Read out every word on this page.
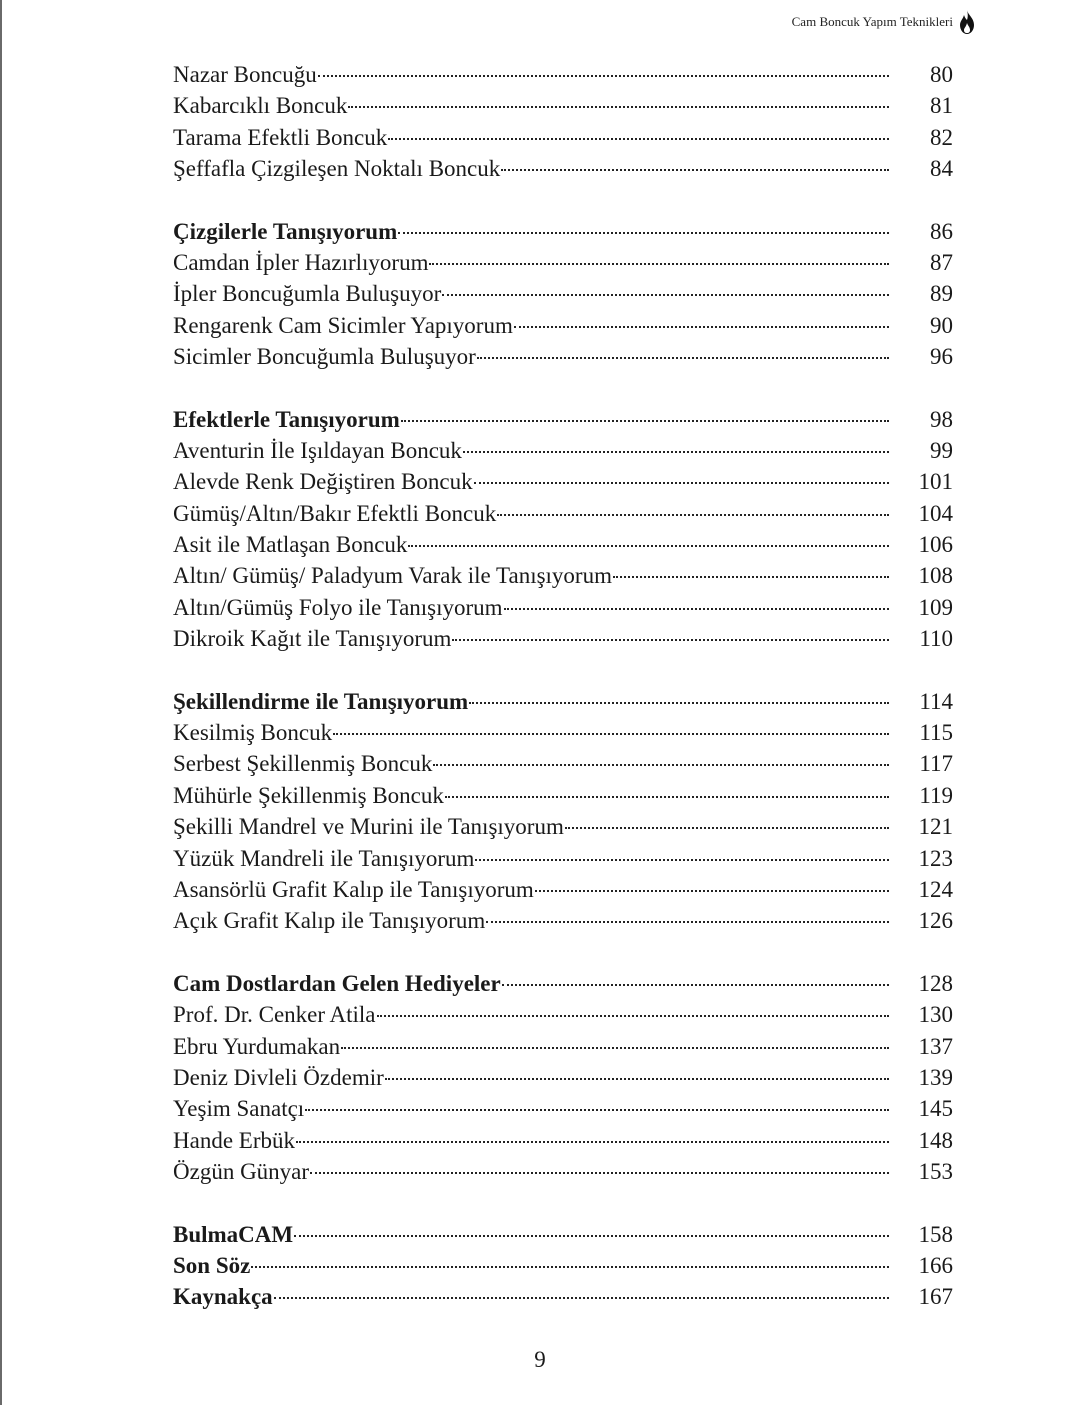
Cam Boncuk Yapım Teknikleri
Nazar Boncuğu	80
Kabarcıklı Boncuk	81
Tarama Efektli Boncuk	82
Şeffafla Çizgileşen Noktalı Boncuk	84
Çizgilerle Tanışıyorum	86
Camdan İpler Hazırlıyorum	87
İpler Boncuğumla Buluşuyor	89
Rengarenk Cam Sicimler Yapıyorum	90
Sicimler Boncuğumla Buluşuyor	96
Efektlerle Tanışıyorum	98
Aventurin İle Işıldayan Boncuk	99
Alevde Renk Değiştiren Boncuk	101
Gümüş/Altın/Bakır Efektli Boncuk	104
Asit ile Matlaşan Boncuk	106
Altın/ Gümüş/ Paladyum Varak ile Tanışıyorum	108
Altın/Gümüş Folyo ile Tanışıyorum	109
Dikroik Kağıt ile Tanışıyorum	110
Şekillendirme ile Tanışıyorum	114
Kesilmiş Boncuk	115
Serbest Şekillenmiş Boncuk	117
Mühürle Şekillenmiş Boncuk	119
Şekilli Mandrel ve Murini ile Tanışıyorum	121
Yüzük Mandreli ile Tanışıyorum	123
Asansörlü Grafit Kalıp ile Tanışıyorum	124
Açık Grafit Kalıp ile Tanışıyorum	126
Cam Dostlardan Gelen Hediyeler	128
Prof. Dr. Cenker Atila	130
Ebru Yurdumakan	137
Deniz Divleli Özdemir	139
Yeşim Sanatçı	145
Hande Erbük	148
Özgün Günyar	153
BulmaCAM	158
Son Söz	166
Kaynakça	167
9
